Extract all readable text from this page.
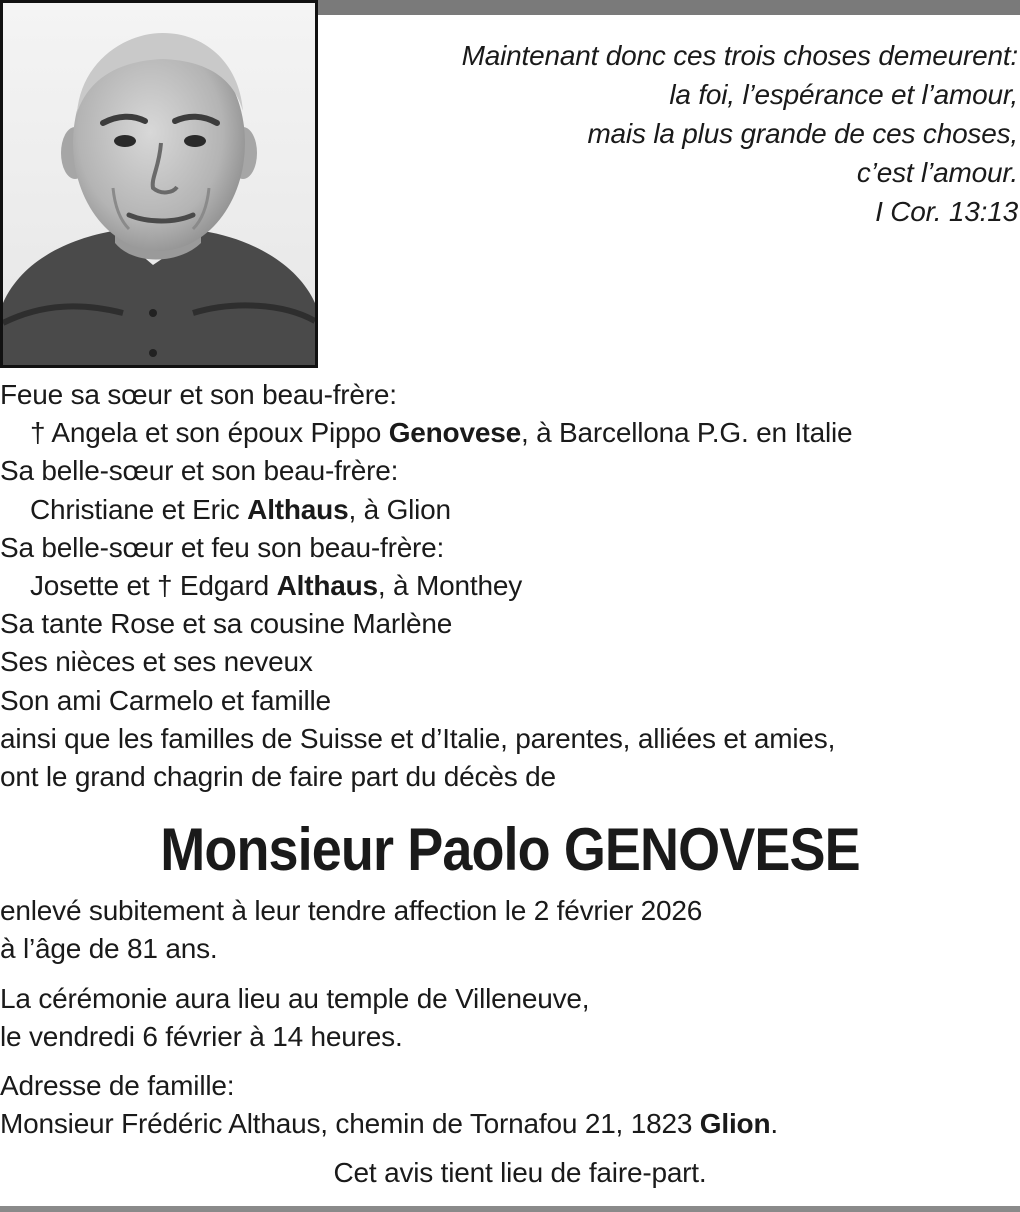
Maintenant donc ces trois choses demeurent:
la foi, l’espérance et l’amour,
mais la plus grande de ces choses,
c’est l’amour.
I Cor. 13:13
Feue sa sœur et son beau-frère:
† Angela et son époux Pippo Genovese, à Barcellona P.G. en Italie
Sa belle-sœur et son beau-frère:
Christiane et Eric Althaus, à Glion
Sa belle-sœur et feu son beau-frère:
Josette et † Edgard Althaus, à Monthey
Sa tante Rose et sa cousine Marlène
Ses nièces et ses neveux
Son ami Carmelo et famille
ainsi que les familles de Suisse et d’Italie, parentes, alliées et amies,
ont le grand chagrin de faire part du décès de
Monsieur Paolo GENOVESE
enlevé subitement à leur tendre affection le 2 février 2026
à l’âge de 81 ans.
La cérémonie aura lieu au temple de Villeneuve,
le vendredi 6 février à 14 heures.
Adresse de famille:
Monsieur Frédéric Althaus, chemin de Tornafou 21, 1823 Glion.
Cet avis tient lieu de faire-part.
